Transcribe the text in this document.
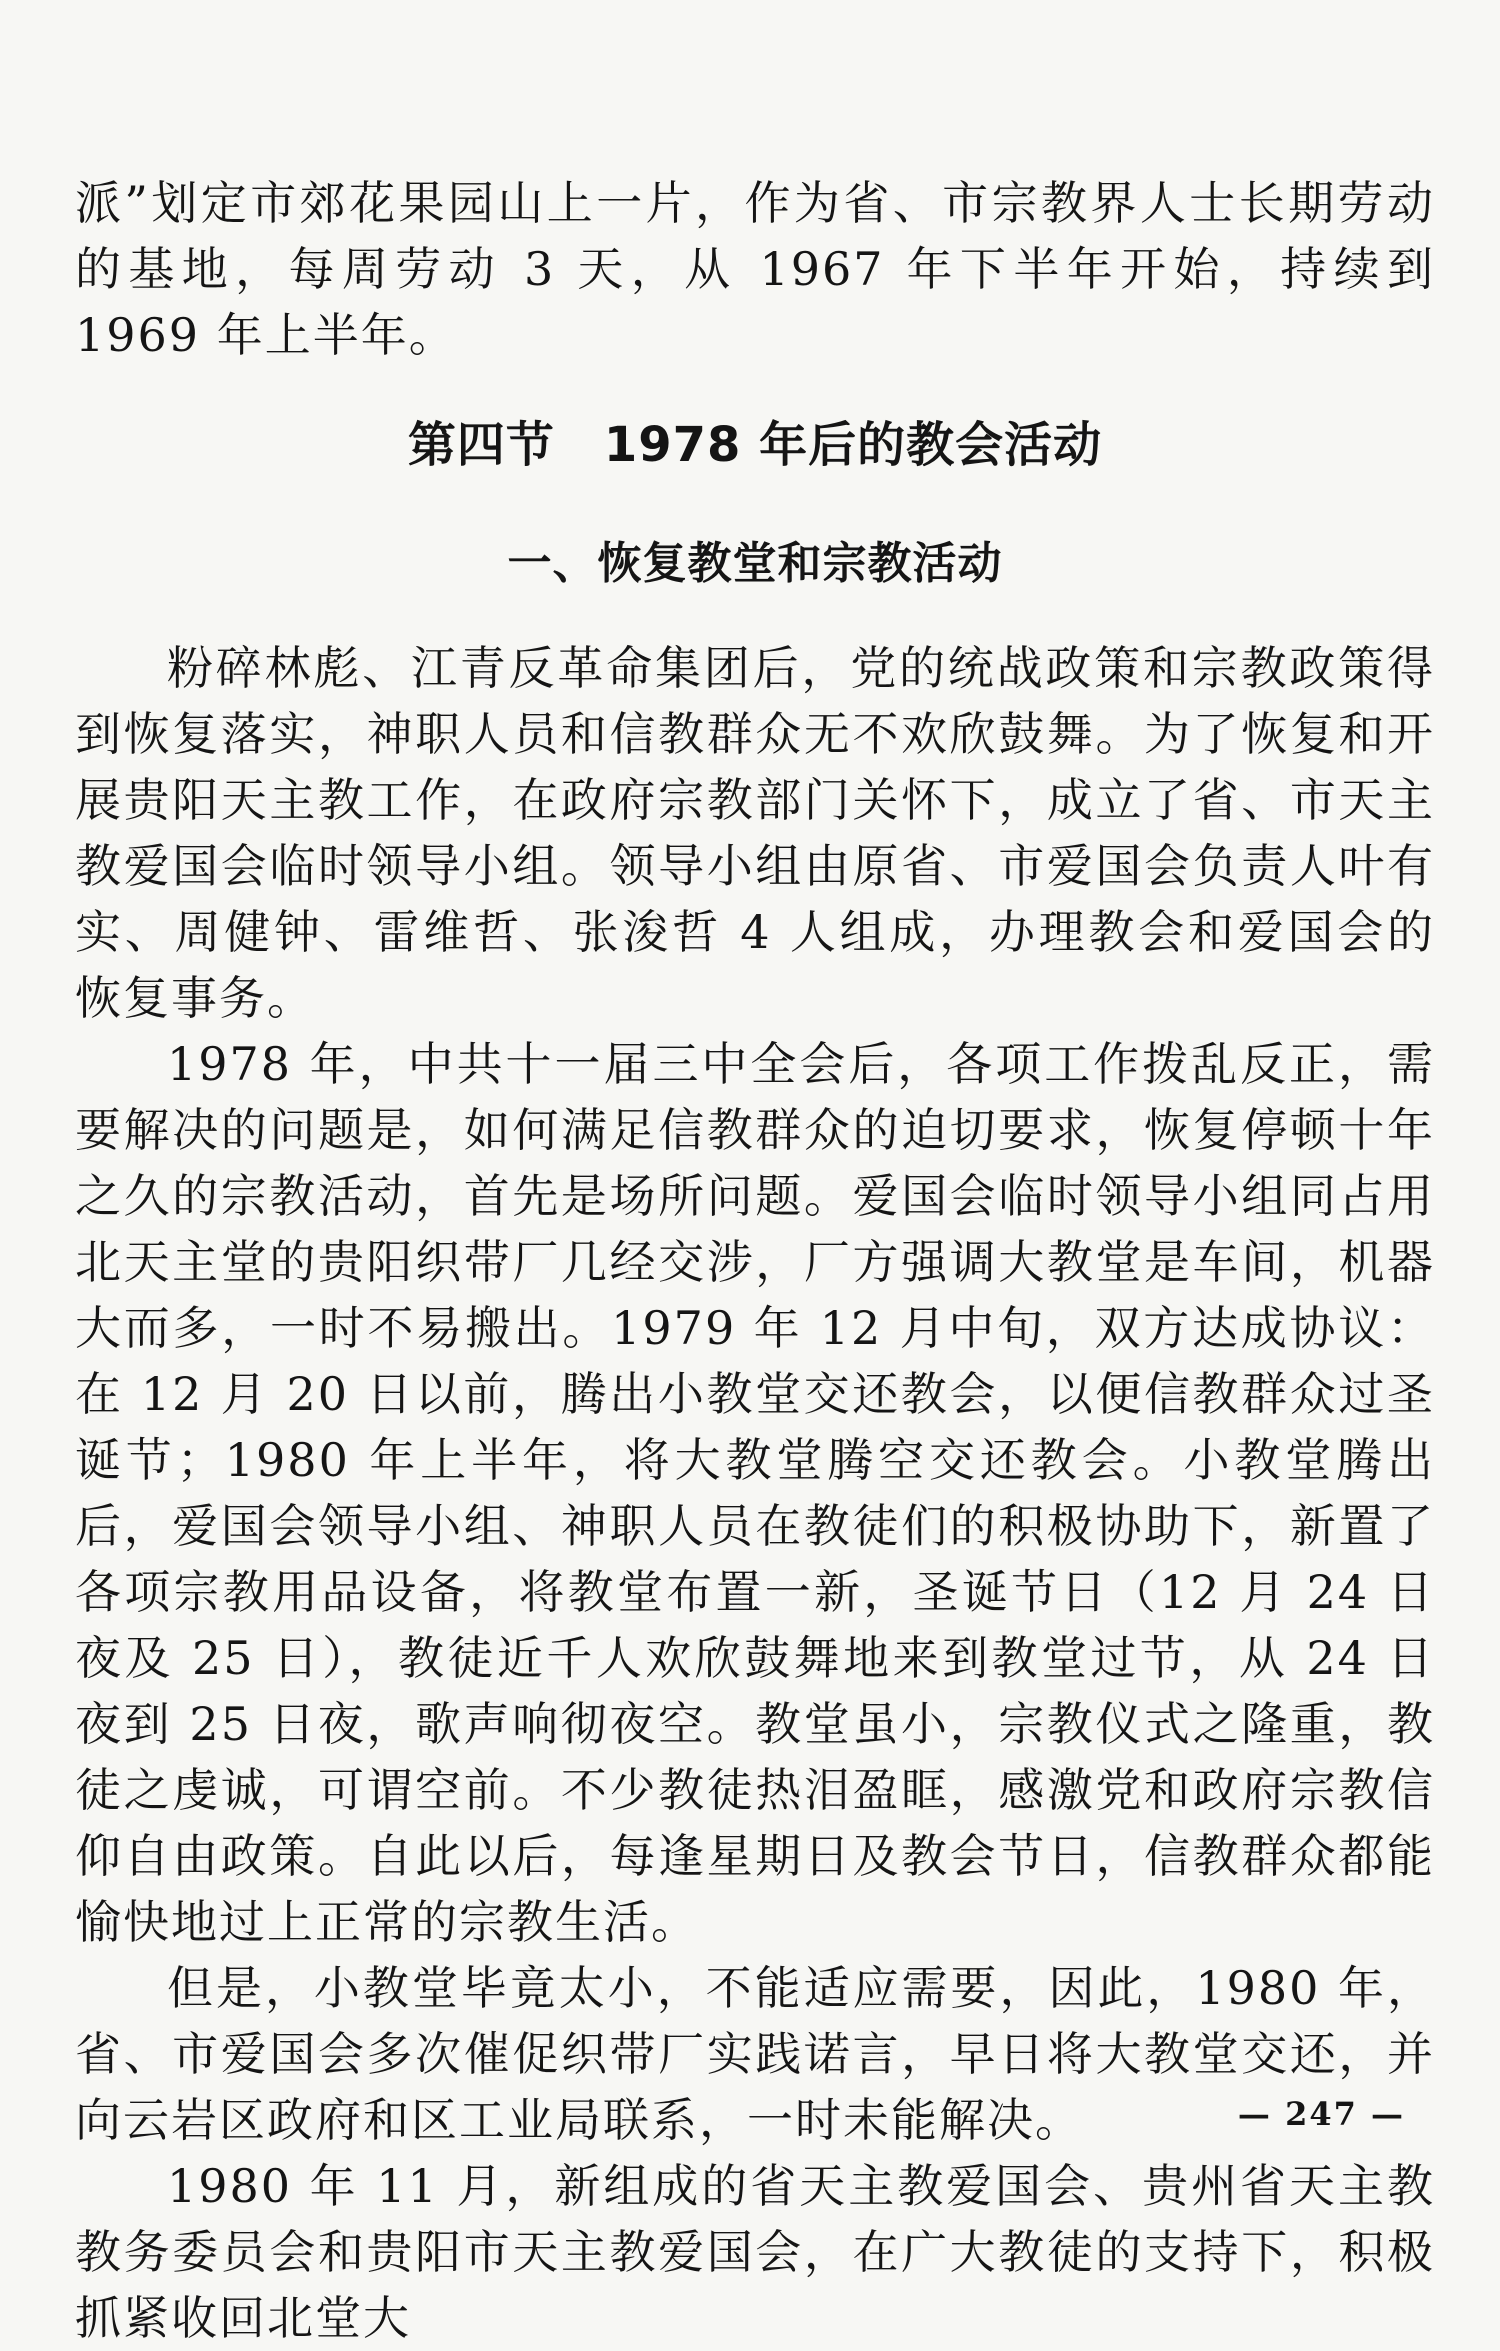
派”划定市郊花果园山上一片，作为省、市宗教界人士长期劳动的基地，每周劳动 3 天，从 1967 年下半年开始，持续到 1969 年上半年。

第四节　1978 年后的教会活动
一、恢复教堂和宗教活动

粉碎林彪、江青反革命集团后，党的统战政策和宗教政策得到恢复落实，神职人员和信教群众无不欢欣鼓舞。为了恢复和开展贵阳天主教工作，在政府宗教部门关怀下，成立了省、市天主教爱国会临时领导小组。领导小组由原省、市爱国会负责人叶有实、周健钟、雷维哲、张浚哲 4 人组成，办理教会和爱国会的恢复事务。

1978 年，中共十一届三中全会后，各项工作拨乱反正，需要解决的问题是，如何满足信教群众的迫切要求，恢复停顿十年之久的宗教活动，首先是场所问题。爱国会临时领导小组同占用北天主堂的贵阳织带厂几经交涉，厂方强调大教堂是车间，机器大而多，一时不易搬出。1979 年 12 月中旬，双方达成协议：在 12 月 20 日以前，腾出小教堂交还教会，以便信教群众过圣诞节；1980 年上半年，将大教堂腾空交还教会。小教堂腾出后，爱国会领导小组、神职人员在教徒们的积极协助下，新置了各项宗教用品设备，将教堂布置一新，圣诞节日（12 月 24 日夜及 25 日），教徒近千人欢欣鼓舞地来到教堂过节，从 24 日夜到 25 日夜，歌声响彻夜空。教堂虽小，宗教仪式之隆重，教徒之虔诚，可谓空前。不少教徒热泪盈眶，感激党和政府宗教信仰自由政策。自此以后，每逢星期日及教会节日，信教群众都能愉快地过上正常的宗教生活。

但是，小教堂毕竟太小，不能适应需要，因此，1980 年，省、市爱国会多次催促织带厂实践诺言，早日将大教堂交还，并向云岩区政府和区工业局联系，一时未能解决。

1980 年 11 月，新组成的省天主教爱国会、贵州省天主教教务委员会和贵阳市天主教爱国会，在广大教徒的支持下，积极抓紧收回北堂大

— 247 —
